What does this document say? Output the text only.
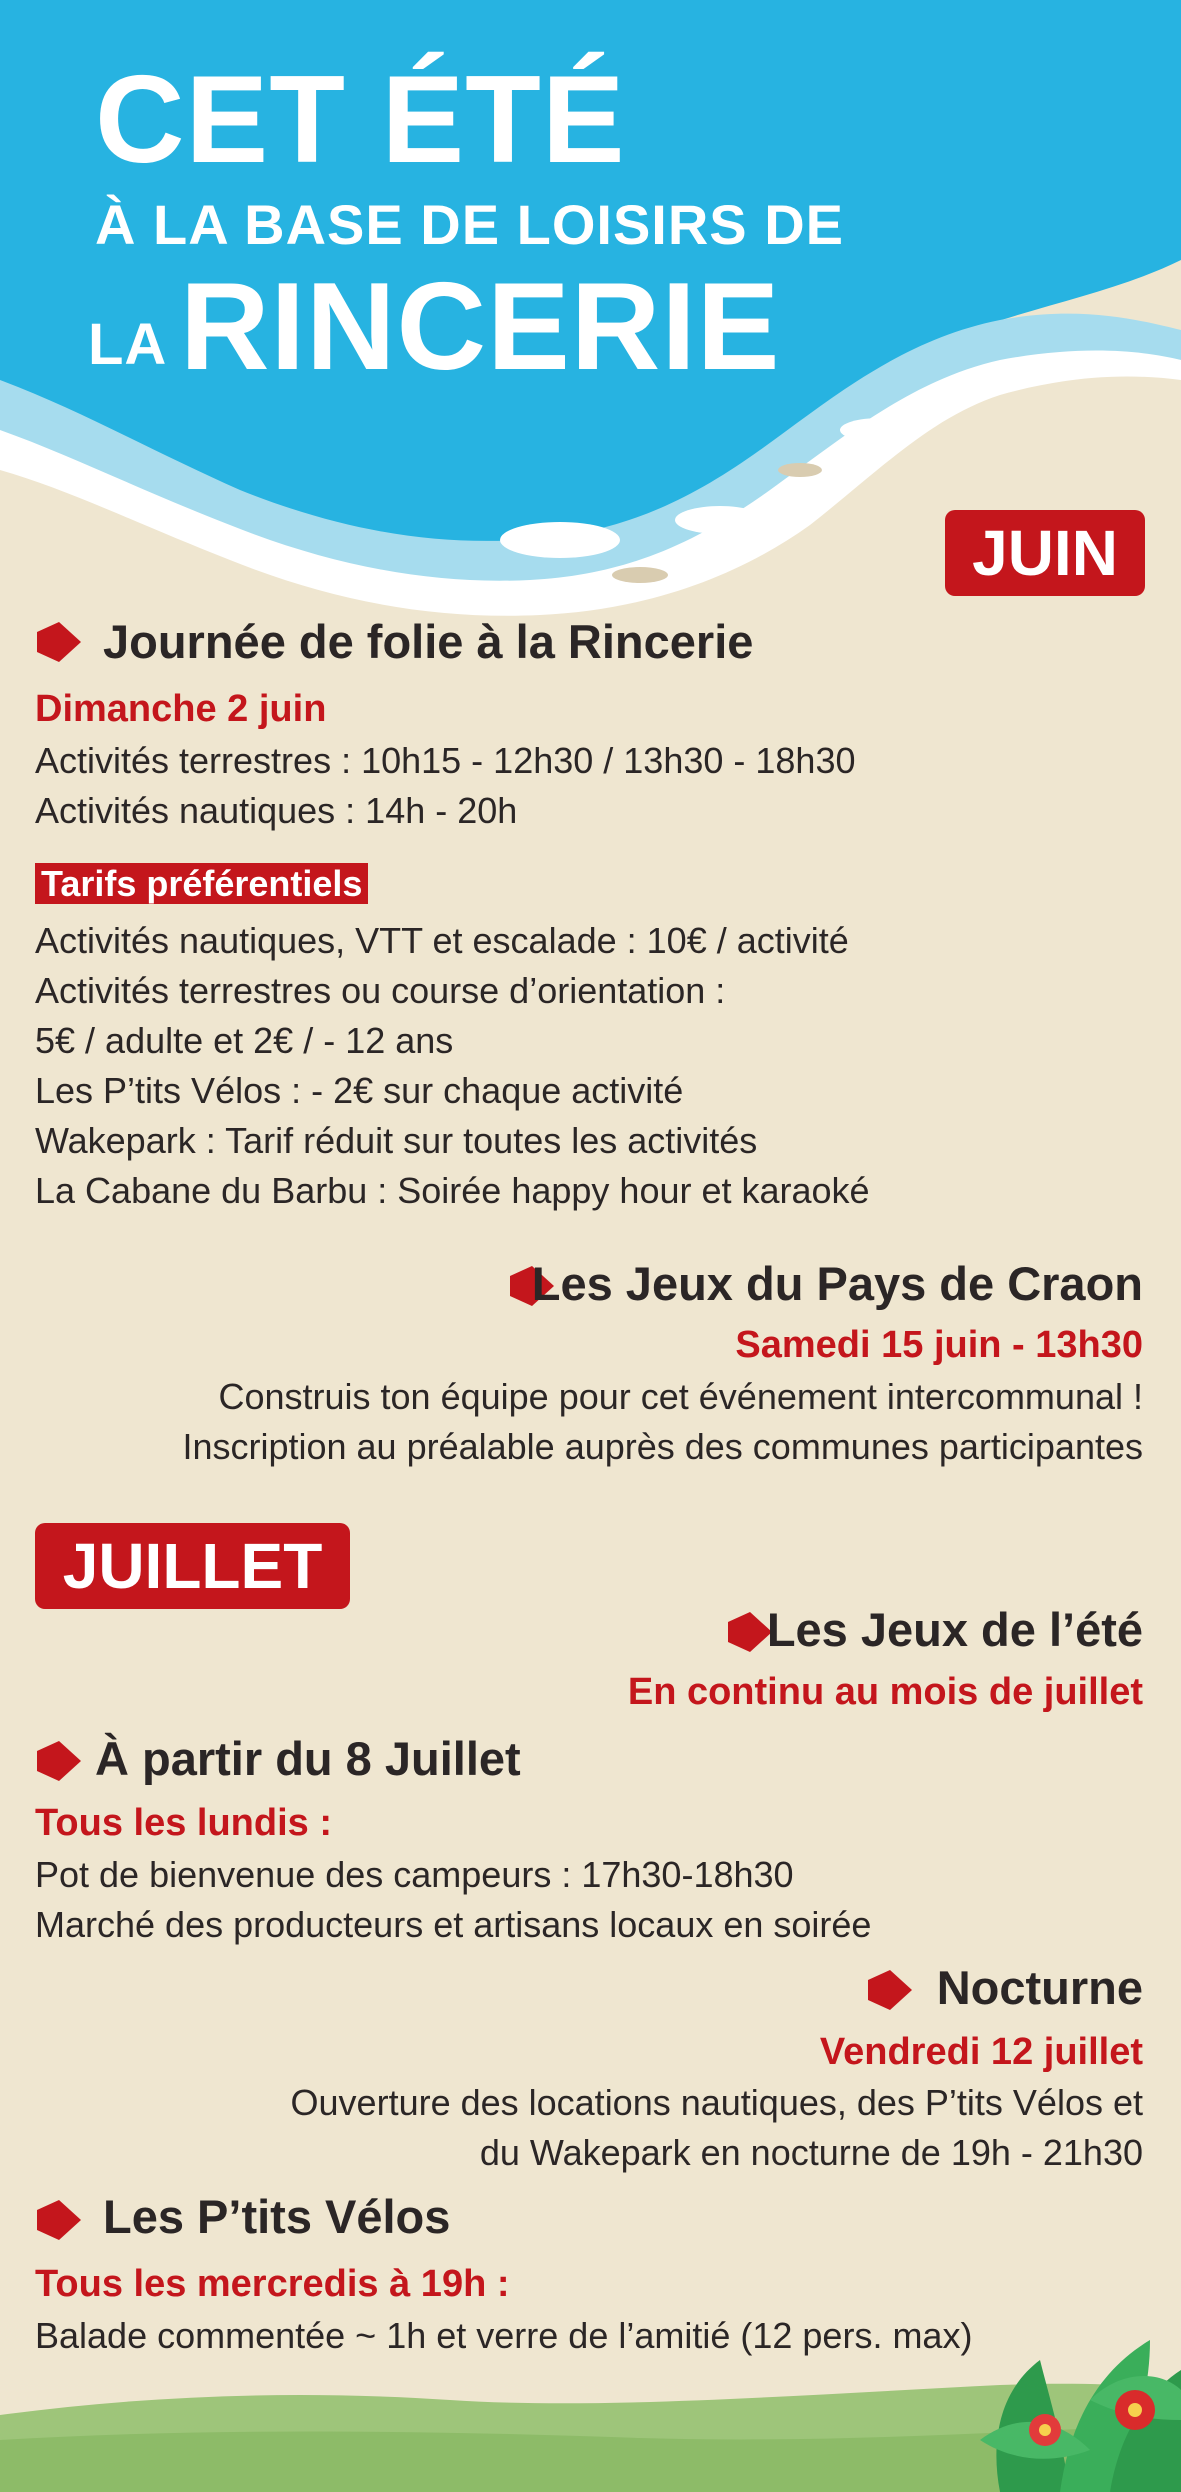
CET ÉTÉ
À LA BASE DE LOISIRS DE
LA RINCERIE
JUIN
Journée de folie à la Rincerie
Dimanche 2 juin
Activités terrestres : 10h15 - 12h30 / 13h30 - 18h30
Activités nautiques : 14h - 20h
Tarifs préférentiels
Activités nautiques, VTT et escalade : 10€ / activité
Activités terrestres ou course d’orientation :
5€ / adulte et 2€ / - 12 ans
Les P’tits Vélos : - 2€ sur chaque activité
Wakepark : Tarif réduit sur toutes les activités
La Cabane du Barbu : Soirée happy hour et karaoké
Les Jeux du Pays de Craon
Samedi 15 juin - 13h30
Construis ton équipe pour cet événement intercommunal !
Inscription au préalable auprès des communes participantes
JUILLET
Les Jeux de l’été
En continu au mois de juillet
À partir du 8 Juillet
Tous les lundis :
Pot de bienvenue des campeurs : 17h30-18h30
Marché des producteurs et artisans locaux en soirée
Nocturne
Vendredi 12 juillet
Ouverture des locations nautiques, des P’tits Vélos et
du Wakepark en nocturne de 19h - 21h30
Les P’tits Vélos
Tous les mercredis à 19h :
Balade commentée ~ 1h et verre de l’amitié (12 pers. max)
